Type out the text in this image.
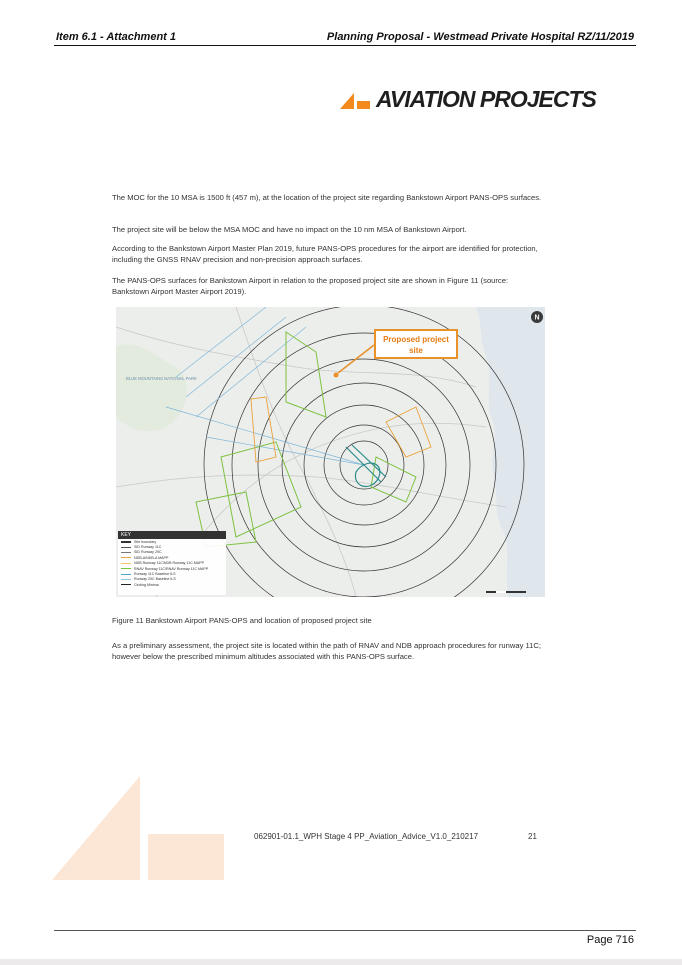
Item 6.1 - Attachment 1	Planning Proposal - Westmead Private Hospital RZ/11/2019
AVIATION PROJECTS

The MOC for the 10 MSA is 1500 ft (457 m), at the location of the project site regarding Bankstown Airport PANS-OPS surfaces.

The project site will be below the MSA MOC and have no impact on the 10 nm MSA of Bankstown Airport.

According to the Bankstown Airport Master Plan 2019, future PANS-OPS procedures for the airport are identified for protection, including the GNSS RNAV precision and non-precision approach surfaces.

The PANS-OPS surfaces for Bankstown Airport in relation to the proposed project site are shown in Figure 11 (source: Bankstown Airport Master Airport 2019).

N
BLUE MOUNTAINS NATIONAL PARK
Proposed project site
KEY
Site boundary
SID Runway 11C
SID Runway 29C
NDB-A/NDB-A MAPP
NDB Runway 11C/NDB Runway 11C MAPP
RNAV Runway 11C/RNAV Runway 11C MAPP
Runway 11C Baseline ILS
Runway 29C Baseline ILS
Circling Minima
Figure 11 Bankstown Airport PANS-OPS and location of proposed project site

As a preliminary assessment, the project site is located within the path of RNAV and NDB approach procedures for runway 11C; however below the prescribed minimum altitudes associated with this PANS-OPS surface.

062901-01.1_WPH Stage 4 PP_Aviation_Advice_V1.0_210217	21
Page 716
